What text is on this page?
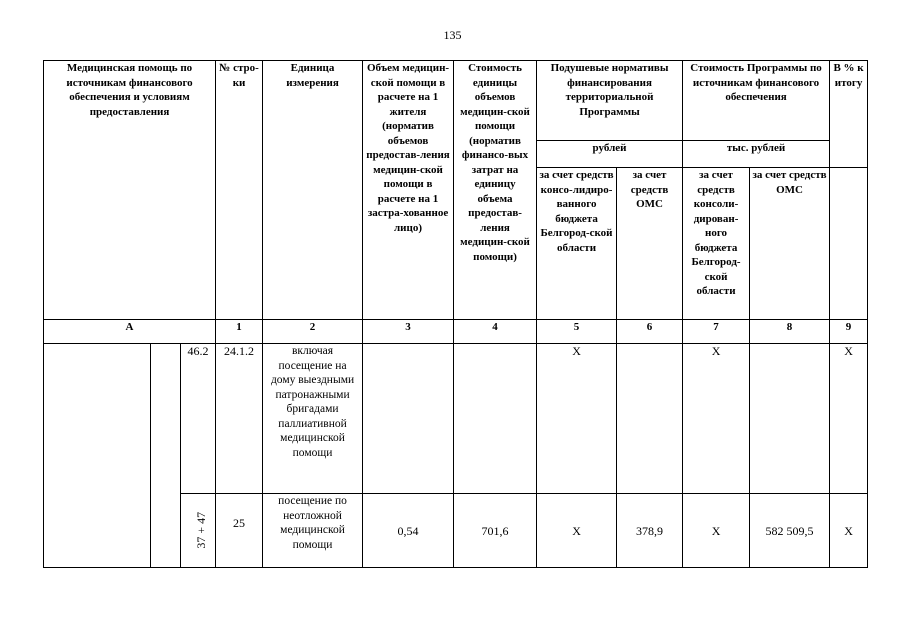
135
Медицинская помощь по источникам финансового обеспечения и условиям предоставления			№ стро-ки	Единица измерения	Объем медицин-ской помощи в расчете на 1 жителя (норматив объемов предостав-ления медицин-ской помощи в расчете на 1 застра-хованное лицо)	Стоимость единицы объемов медицин-ской помощи (норматив финансо-вых затрат на единицу объема предостав-ления медицин-ской помощи)	Подушевые нормативы финансирования территориальной Программы		Стоимость Программы по источникам финансового обеспечения		В % к итогу
							рублей		тыс. рублей		
							за счет средств консо-лидиро-ванного бюджета Белгород-ской области	за счет средств ОМС	за счет средств консоли-дирован-ного бюджета Белгород-ской области	за счет средств ОМС	
А			1	2	3	4	5	6	7	8	9
		46.2	24.1.2	включая посещение на дому выездными патронажными бригадами паллиативной медицинской помощи			Х		Х		Х
		37 + 47	25	посещение по неотложной медицинской помощи	0,54	701,6	Х	378,9	Х	582 509,5	Х
